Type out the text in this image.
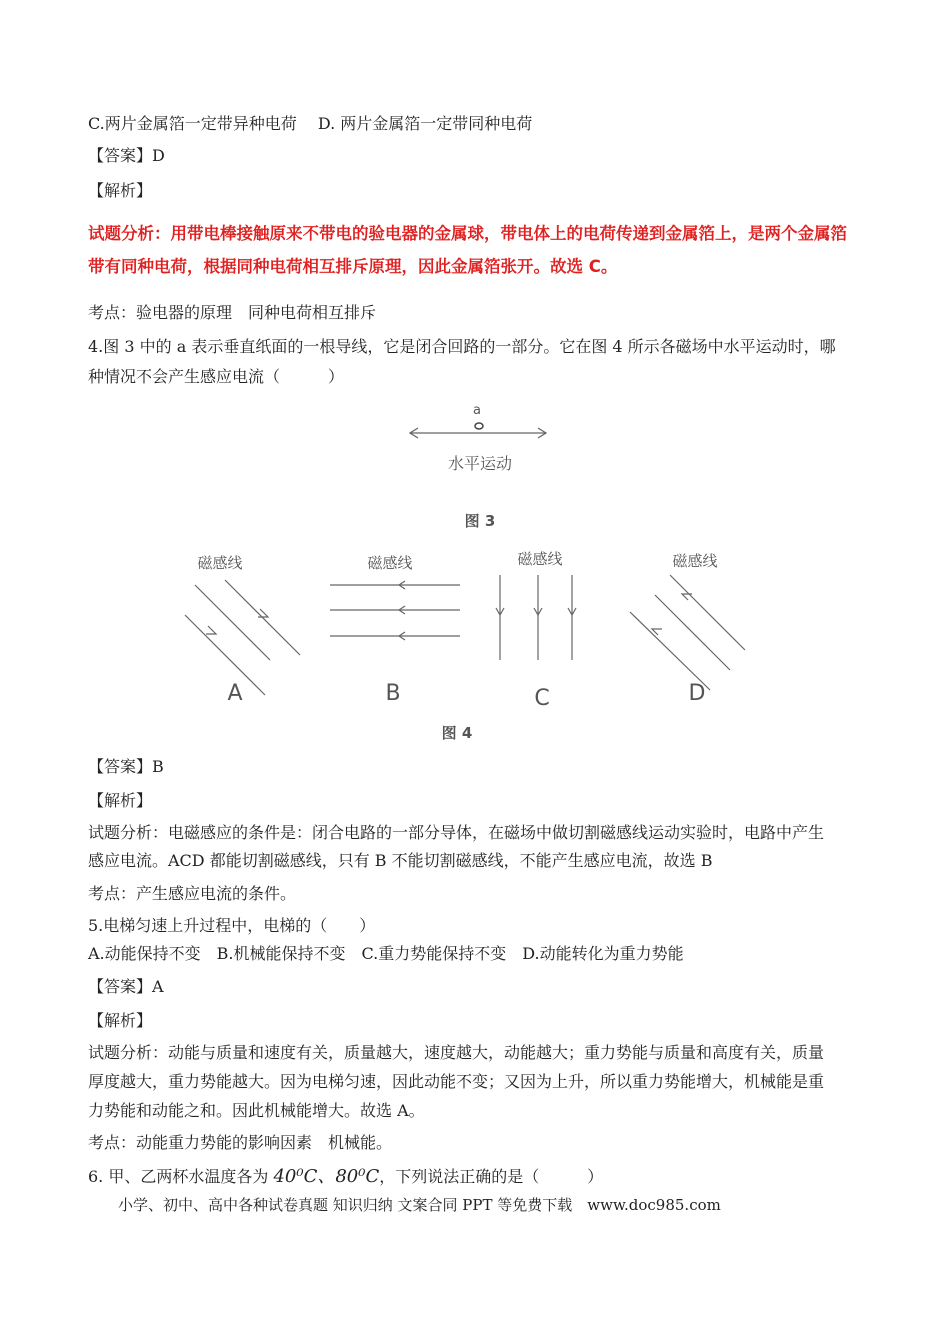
C.两片金属箔一定带异种电荷　 D. 两片金属箔一定带同种电荷
【答案】D
【解析】
试题分析：用带电棒接触原来不带电的验电器的金属球，带电体上的电荷传递到金属箔上，是两个金属箔
带有同种电荷，根据同种电荷相互排斥原理，因此金属箔张开。故选 C。
考点：验电器的原理　同种电荷相互排斥
4.图 3 中的 a 表示垂直纸面的一根导线，它是闭合回路的一部分。它在图 4 所示各磁场中水平运动时，哪
种情况不会产生感应电流（　　　）
a
水平运动
图 3
磁感线
A
磁感线
B
磁感线
C
磁感线
D
图 4
【答案】B
【解析】
试题分析：电磁感应的条件是：闭合电路的一部分导体，在磁场中做切割磁感线运动实验时，电路中产生
感应电流。ACD 都能切割磁感线，只有 B 不能切割磁感线，不能产生感应电流，故选 B
考点：产生感应电流的条件。
5.电梯匀速上升过程中，电梯的（　　）
A.动能保持不变　B.机械能保持不变　C.重力势能保持不变　D.动能转化为重力势能
【答案】A
【解析】
试题分析：动能与质量和速度有关，质量越大，速度越大，动能越大；重力势能与质量和高度有关，质量
厚度越大，重力势能越大。因为电梯匀速，因此动能不变；又因为上升，所以重力势能增大，机械能是重
力势能和动能之和。因此机械能增大。故选 A。
考点：动能重力势能的影响因素　机械能。
6. 甲、乙两杯水温度各为 40⁰C、80⁰C，下列说法正确的是（　　　）
小学、初中、高中各种试卷真题 知识归纳 文案合同 PPT 等免费下载　www.doc985.com
